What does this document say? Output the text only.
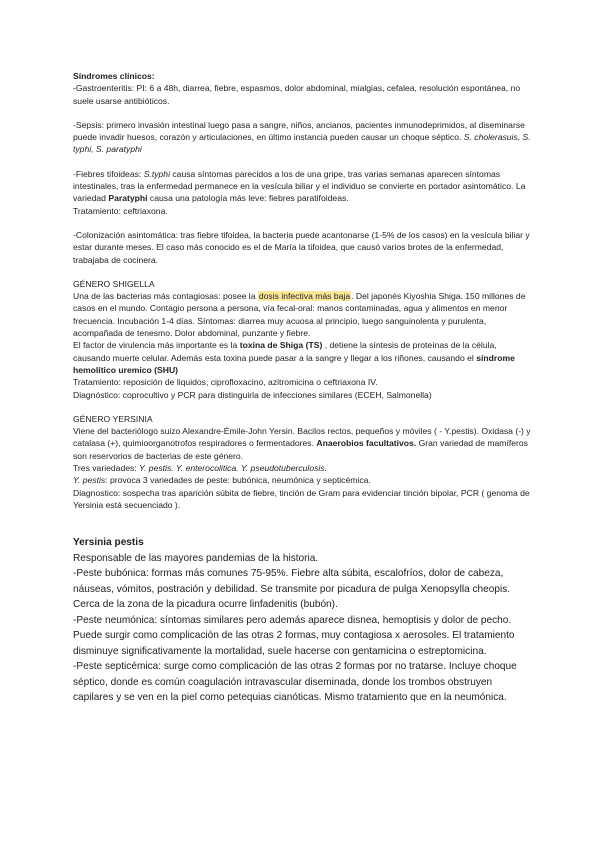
Síndromes clínicos:

-Gastroenteritis: PI: 6 a 48h, diarrea, fiebre, espasmos, dolor abdominal, mialgias, cefalea, resolución espontánea, no suele usarse antibióticos.

-Sepsis: primero invasión intestinal luego pasa a sangre, niños, ancianos, pacientes inmunodeprimidos, al diseminarse puede invadir huesos, corazón y articulaciones, en último instancia pueden causar un choque séptico. S. cholerasuis, S. typhi, S. paratyphi

-Fiebres tifoideas: S.typhi causa síntomas parecidos a los de una gripe, tras varias semanas aparecen síntomas intestinales, tras la enfermedad permanece en la vesícula biliar y el individuo se convierte en portador asintomático. La variedad Paratyphi causa una patología más leve: fiebres paratifoideas.

Tratamiento: ceftriaxona.

-Colonización asintomática: tras fiebre tifoidea, la bacteria puede acantonarse (1-5% de los casos) en la vesícula biliar y estar durante meses. El caso más conocido es el de María la tifoidea, que causó varios brotes de la enfermedad, trabajaba de cocinera.

GÉNERO SHIGELLA

Una de las bacterias más contagiosas: posee la dosis infectiva más baja. Del japonés Kiyoshia Shiga. 150 millones de casos en el mundo. Contagio persona a persona, vía fecal-oral: manos contaminadas, agua y alimentos en menor frecuencia. Incubación 1-4 días. Síntomas: diarrea muy acuosa al principio, luego sanguinolenta y purulenta, acompañada de tenesmo. Dolor abdominal, punzante y fiebre.

El factor de virulencia más importante es la toxina de Shiga (TS) , detiene la síntesis de proteínas de la célula, causando muerte celular. Además esta toxina puede pasar a la sangre y llegar a los riñones, causando el síndrome hemolítico uremico (SHU)

Tratamiento: reposición de liquidos, ciprofloxacino, azitromicina o ceftriaxona IV.

Diagnóstico: coprocultivo y PCR para distinguirla de infecciones similares (ECEH, Salmonella)

GÉNERO YERSINIA

Viene del bacteriólogo suizo Alexandre-Émile-John Yersin. Bacilos rectos, pequeños y móviles ( - Y.pestis). Oxidasa (-) y catalasa (+), quimioorganotrofos respiradores o fermentadores. Anaerobios facultativos. Gran variedad de mamíferos son reservorios de bacterias de este género.

Tres variedades: Y. pestis. Y. enterocolitica. Y. pseudotuberculosis.

Y. pestis: provoca 3 variedades de peste: bubónica, neumónica y septicémica.

Diagnostico: sospecha tras aparición súbita de fiebre, tinción de Gram para evidenciar tinción bipolar, PCR ( genoma de Yersinia está secuenciado ).

Yersinia pestis

Responsable de las mayores pandemias de la historia.

-Peste bubónica: formas más comunes 75-95%. Fiebre alta súbita, escalofríos, dolor de cabeza, náuseas, vómitos, postración y debilidad. Se transmite por picadura de pulga Xenopsylla cheopis. Cerca de la zona de la picadura ocurre linfadenitis (bubón).

-Peste neumónica: síntomas similares pero además aparece disnea, hemoptisis y dolor de pecho. Puede surgir como complicación de las otras 2 formas, muy contagiosa x aerosoles. El tratamiento disminuye significativamente la mortalidad, suele hacerse con gentamicina o estreptomicina.

-Peste septicémica: surge como complicación de las otras 2 formas por no tratarse. Incluye choque séptico, donde es común coagulación intravascular diseminada, donde los trombos obstruyen capilares y se ven en la piel como petequias cianóticas. Mismo tratamiento que en la neumónica.
